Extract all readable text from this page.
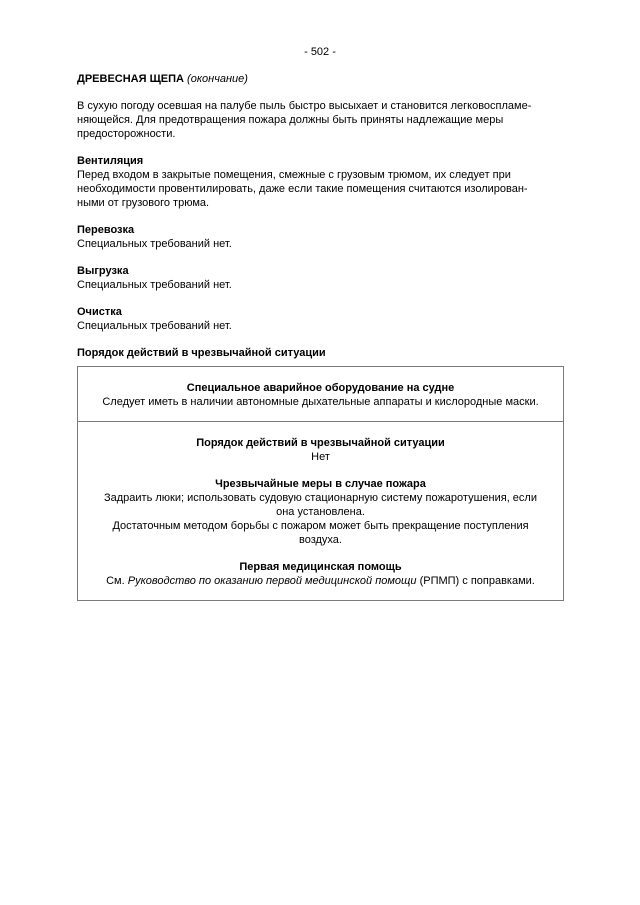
- 502 -
ДРЕВЕСНАЯ ЩЕПА (окончание)

В сухую погоду осевшая на палубе пыль быстро высыхает и становится легковоспламе-

няющейся. Для предотвращения пожара должны быть приняты надлежащие меры

предосторожности.

Вентиляция

Перед входом в закрытые помещения, смежные с грузовым трюмом, их следует при

необходимости провентилировать, даже если такие помещения считаются изолирован-

ными от грузового трюма.

Перевозка

Специальных требований нет.

Выгрузка

Специальных требований нет.

Очистка

Специальных требований нет.

Порядок действий в чрезвычайной ситуации
Специальное аварийное оборудование на судне
Следует иметь в наличии автономные дыхательные аппараты и кислородные маски.
Порядок действий в чрезвычайной ситуации
Нет
Чрезвычайные меры в случае пожара
Задраить люки; использовать судовую стационарную систему пожаротушения, если
она установлена.
Достаточным методом борьбы с пожаром может быть прекращение поступления
воздуха.
Первая медицинская помощь
См. Руководство по оказанию первой медицинской помощи (РПМП) с поправками.
